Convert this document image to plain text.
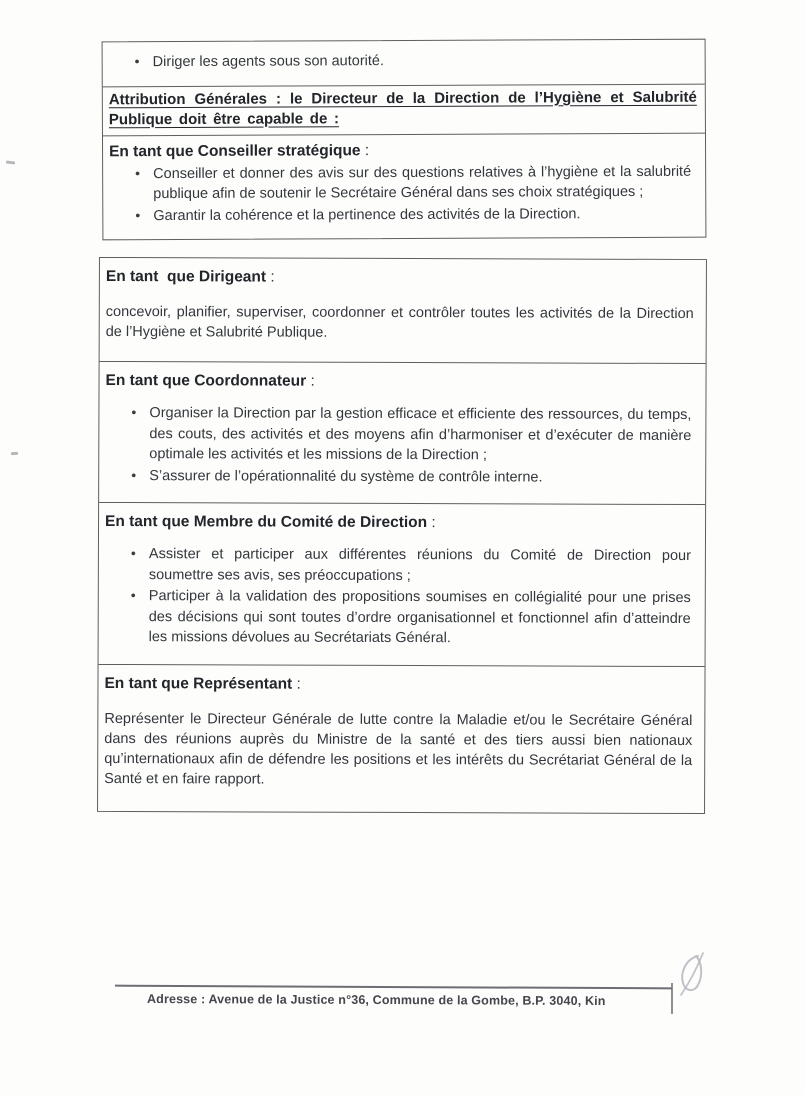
• Diriger les agents sous son autorité.
Attribution Générales : le Directeur de la Direction de l’Hygiène et Salubrité Publique doit être capable de :
En tant que Conseiller stratégique :
• Conseiller et donner des avis sur des questions relatives à l’hygiène et la salubrité publique afin de soutenir le Secrétaire Général dans ses choix stratégiques ;
• Garantir la cohérence et la pertinence des activités de la Direction.
En tant  que Dirigeant :

concevoir, planifier, superviser, coordonner et contrôler toutes les activités de la Direction de l’Hygiène et Salubrité Publique.

En tant que Coordonnateur :
• Organiser la Direction par la gestion efficace et efficiente des ressources, du temps, des couts, des activités et des moyens afin d’harmoniser et d’exécuter de manière optimale les activités et les missions de la Direction ;
• S’assurer de l’opérationnalité du système de contrôle interne.
En tant que Membre du Comité de Direction :
• Assister et participer aux différentes réunions du Comité de Direction pour soumettre ses avis, ses préoccupations ;
• Participer à la validation des propositions soumises en collégialité pour une prises des décisions qui sont toutes d’ordre organisationnel et fonctionnel afin d’atteindre les missions dévolues au Secrétariats Général.
En tant que Représentant :

Représenter le Directeur Générale de lutte contre la Maladie et/ou le Secrétaire Général dans des réunions auprès du Ministre de la santé et des tiers aussi bien nationaux qu’internationaux afin de défendre les positions et les intérêts du Secrétariat Général de la Santé et en faire rapport.

Adresse : Avenue de la Justice n°36, Commune de la Gombe, B.P. 3040, Kin
